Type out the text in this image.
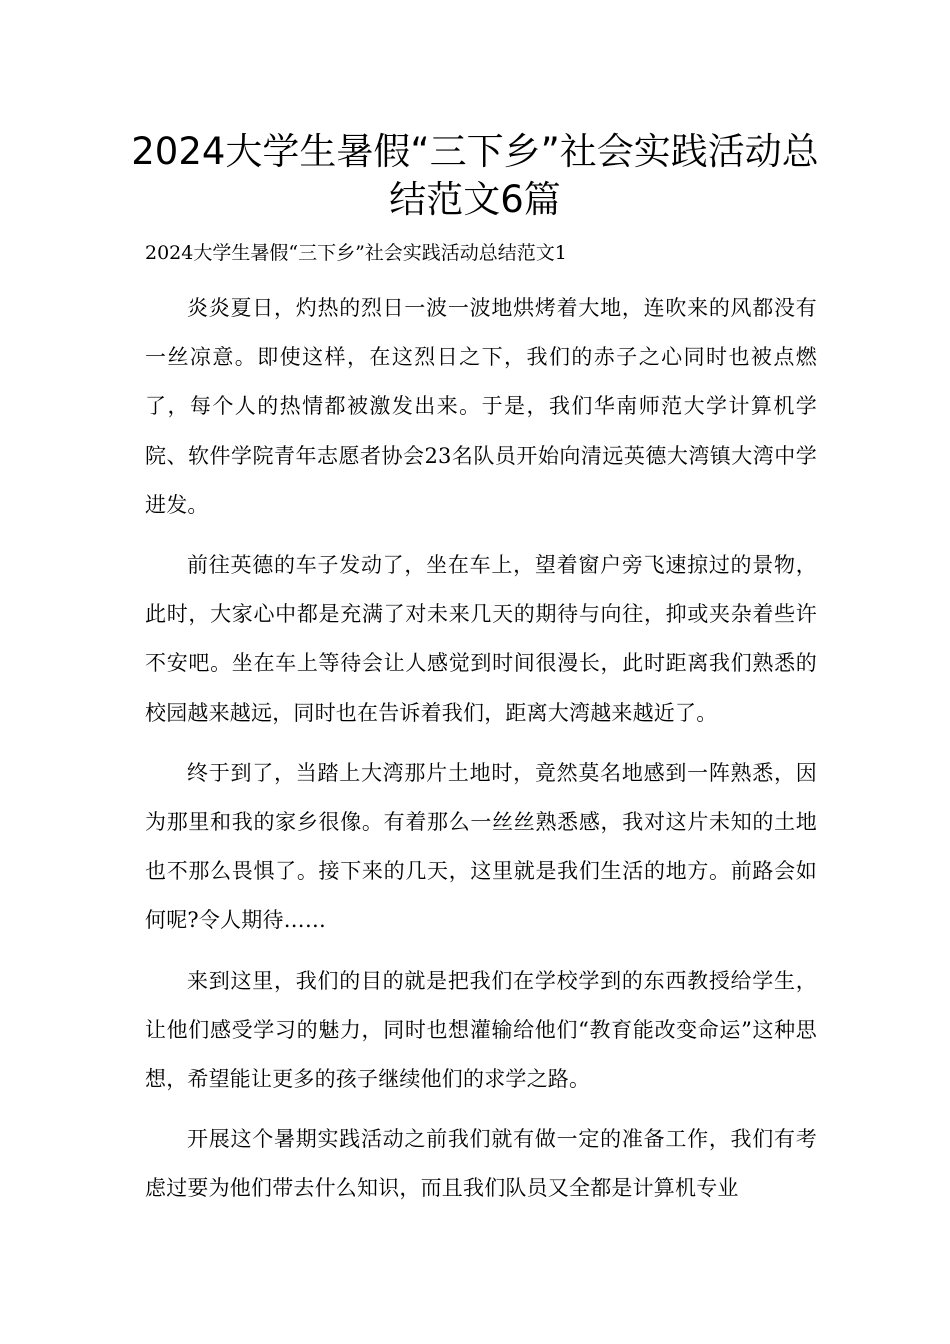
2024大学生暑假“三下乡”社会实践活动总结范文6篇

2024大学生暑假“三下乡”社会实践活动总结范文1

炎炎夏日，灼热的烈日一波一波地烘烤着大地，连吹来的风都没有一丝凉意。即使这样，在这烈日之下，我们的赤子之心同时也被点燃了，每个人的热情都被激发出来。于是，我们华南师范大学计算机学院、软件学院青年志愿者协会23名队员开始向清远英德大湾镇大湾中学进发。

前往英德的车子发动了，坐在车上，望着窗户旁飞速掠过的景物，此时，大家心中都是充满了对未来几天的期待与向往，抑或夹杂着些许不安吧。坐在车上等待会让人感觉到时间很漫长，此时距离我们熟悉的校园越来越远，同时也在告诉着我们，距离大湾越来越近了。

终于到了，当踏上大湾那片土地时，竟然莫名地感到一阵熟悉，因为那里和我的家乡很像。有着那么一丝丝熟悉感，我对这片未知的土地也不那么畏惧了。接下来的几天，这里就是我们生活的地方。前路会如何呢?令人期待……

来到这里，我们的目的就是把我们在学校学到的东西教授给学生，让他们感受学习的魅力，同时也想灌输给他们“教育能改变命运”这种思想，希望能让更多的孩子继续他们的求学之路。

开展这个暑期实践活动之前我们就有做一定的准备工作，我们有考虑过要为他们带去什么知识，而且我们队员又全都是计算机专业
